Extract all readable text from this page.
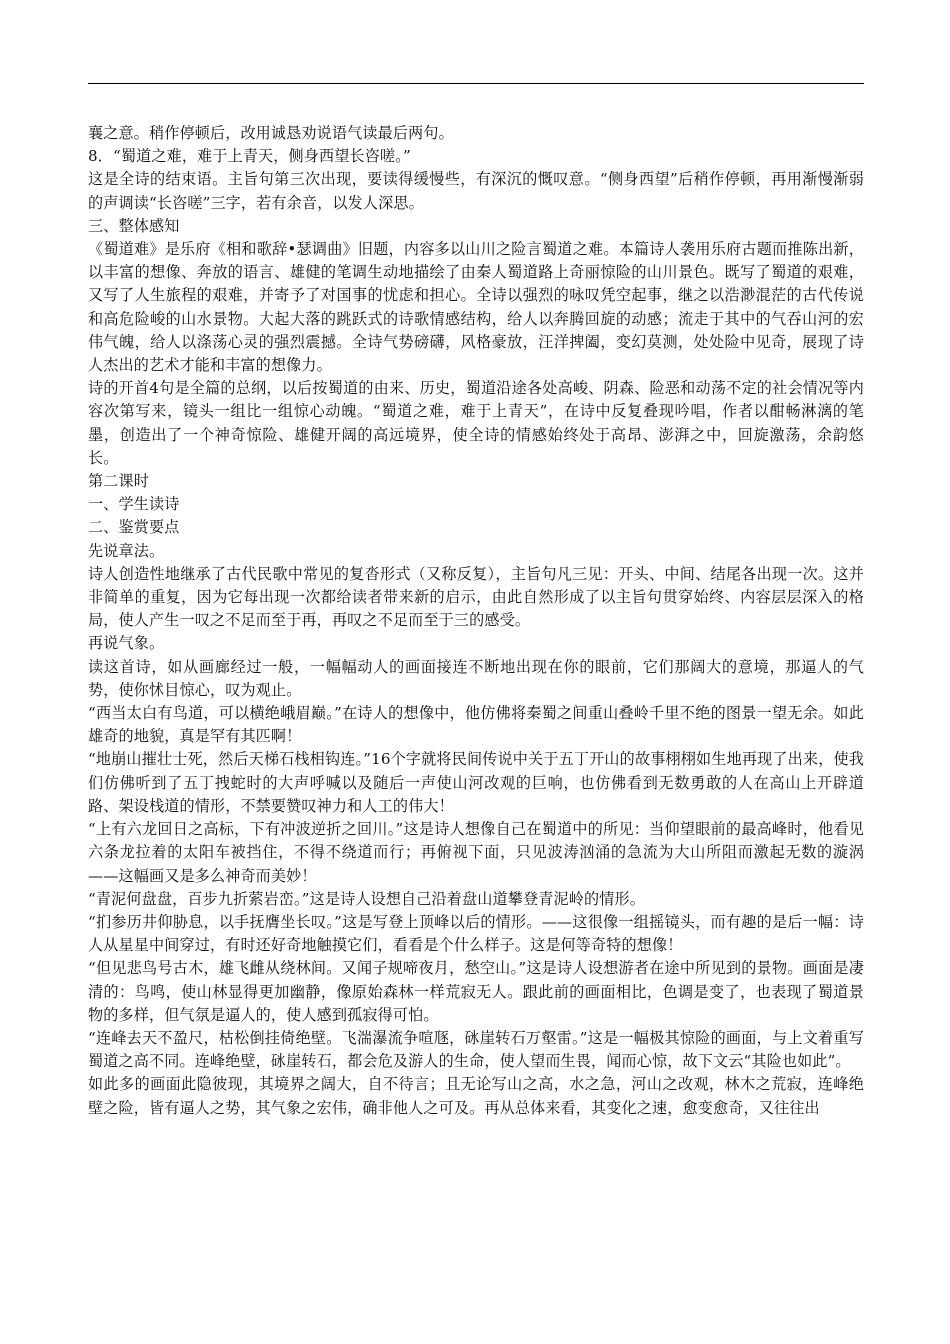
襄之意。稍作停顿后，改用诚恳劝说语气读最后两句。

8．“蜀道之难，难于上青天，侧身西望长咨嗟。”

这是全诗的结束语。主旨句第三次出现，要读得缓慢些，有深沉的慨叹意。“侧身西望”后稍作停顿，再用渐慢渐弱的声调读“长咨嗟”三字，若有余音，以发人深思。

三、整体感知

《蜀道难》是乐府《相和歌辞•瑟调曲》旧题，内容多以山川之险言蜀道之难。本篇诗人袭用乐府古题而推陈出新，以丰富的想像、奔放的语言、雄健的笔调生动地描绘了由秦人蜀道路上奇丽惊险的山川景色。既写了蜀道的艰难，又写了人生旅程的艰难，并寄予了对国事的忧虑和担心。全诗以强烈的咏叹凭空起事，继之以浩渺混茫的古代传说和高危险峻的山水景物。大起大落的跳跃式的诗歌情感结构，给人以奔腾回旋的动感；流走于其中的气吞山河的宏伟气魄，给人以涤荡心灵的强烈震撼。全诗气势磅礴，风格豪放，汪洋捭阖，变幻莫测，处处险中见奇，展现了诗人杰出的艺术才能和丰富的想像力。

诗的开首4句是全篇的总纲，以后按蜀道的由来、历史，蜀道沿途各处高峻、阴森、险恶和动荡不定的社会情况等内容次第写来，镜头一组比一组惊心动魄。“蜀道之难，难于上青天”，在诗中反复叠现吟唱，作者以酣畅淋漓的笔墨，创造出了一个神奇惊险、雄健开阔的高远境界，使全诗的情感始终处于高昂、澎湃之中，回旋激荡，余韵悠长。

第二课时

一、学生读诗

二、鉴赏要点

先说章法。

诗人创造性地继承了古代民歌中常见的复沓形式（又称反复），主旨句凡三见：开头、中间、结尾各出现一次。这并非简单的重复，因为它每出现一次都给读者带来新的启示，由此自然形成了以主旨句贯穿始终、内容层层深入的格局，使人产生一叹之不足而至于再，再叹之不足而至于三的感受。

再说气象。

读这首诗，如从画廊经过一般，一幅幅动人的画面接连不断地出现在你的眼前，它们那阔大的意境，那逼人的气势，使你怵目惊心，叹为观止。

“西当太白有鸟道，可以横绝峨眉巅。”在诗人的想像中，他仿佛将秦蜀之间重山叠岭千里不绝的图景一望无余。如此雄奇的地貌，真是罕有其匹啊！

“地崩山摧壮士死，然后天梯石栈相钩连。”16个字就将民间传说中关于五丁开山的故事栩栩如生地再现了出来，使我们仿佛听到了五丁拽蛇时的大声呼喊以及随后一声使山河改观的巨响，也仿佛看到无数勇敢的人在高山上开辟道路、架设栈道的情形，不禁要赞叹神力和人工的伟大！

“上有六龙回日之高标，下有冲波逆折之回川。”这是诗人想像自己在蜀道中的所见：当仰望眼前的最高峰时，他看见六条龙拉着的太阳车被挡住，不得不绕道而行；再俯视下面，只见波涛汹涌的急流为大山所阻而激起无数的漩涡——这幅画又是多么神奇而美妙！

“青泥何盘盘，百步九折萦岩峦。”这是诗人设想自己沿着盘山道攀登青泥岭的情形。

“扪参历井仰胁息，以手抚膺坐长叹。”这是写登上顶峰以后的情形。——这很像一组摇镜头，而有趣的是后一幅：诗人从星星中间穿过，有时还好奇地触摸它们，看看是个什么样子。这是何等奇特的想像！

“但见悲鸟号古木，雄飞雌从绕林间。又闻子规啼夜月，愁空山。”这是诗人设想游者在途中所见到的景物。画面是凄清的：鸟鸣，使山林显得更加幽静，像原始森林一样荒寂无人。跟此前的画面相比，色调是变了，也表现了蜀道景物的多样，但气氛是逼人的，使人感到孤寂得可怕。

“连峰去天不盈尺，枯松倒挂倚绝壁。飞湍瀑流争喧豗，砯崖转石万壑雷。”这是一幅极其惊险的画面，与上文着重写蜀道之高不同。连峰绝壁，砯崖转石，都会危及游人的生命，使人望而生畏，闻而心惊，故下文云“其险也如此”。

如此多的画面此隐彼现，其境界之阔大，自不待言；且无论写山之高，水之急，河山之改观，林木之荒寂，连峰绝壁之险，皆有逼人之势，其气象之宏伟，确非他人之可及。再从总体来看，其变化之速，愈变愈奇，又往往出
